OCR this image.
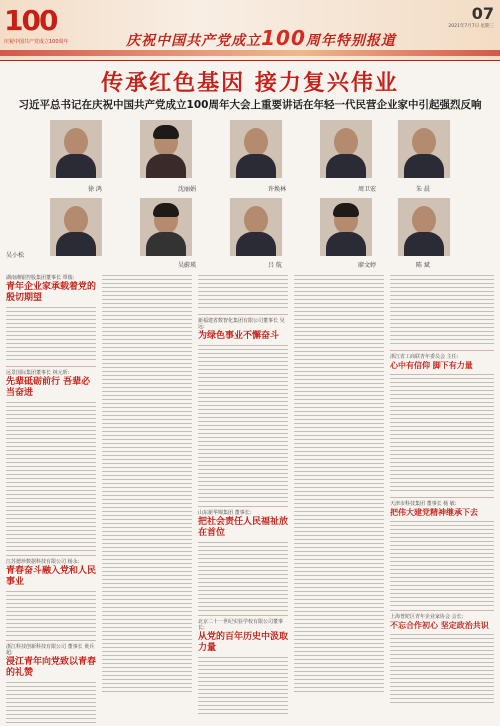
100
庆祝中国共产党成立100周年	庆祝中国共产党成立100周年特别报道
07
2021年7月7日 星期三
传承红色基因 接力复兴伟业
习近平总书记在庆祝中国共产党成立100周年大会上重要讲话在年轻一代民营企业家中引起强烈反响
徐 鸿	沈丽娟	许焕林	周卫宏	朱 晨
吴小松
吴蔚瑛	吕 航	廖文婷	陈 斌
湖南湘银控股集团董事长 覃俊:
青年企业家承载着党的殷切期望
远景国际集团董事长 林元昕:
先辈砥砺前行 吾辈必当奋进
江苏德珍数据科技有限公司 杨永:
青春奋斗融入党和人民事业
浙江科技创新科技有限公司 董事长 黄兵超:
浸江青年向党致以青春的礼赞
新福建省数智化集团有限公司董事长 吴 远:
为绿色事业不懈奋斗
山东新华锦集团 董事长:
把社会责任人民福祉放在首位
北京二十一世纪实验学校有限公司董事长:
从党的百年历史中汲取力量
浙江省工商联青年委员会 主任:
心中有信仰 脚下有力量
天津市科技集团 董事长 杨 敏:
把伟大建党精神继承下去
上海普陀区青年企业家协会 会长:
不忘合作初心 坚定政治共识
